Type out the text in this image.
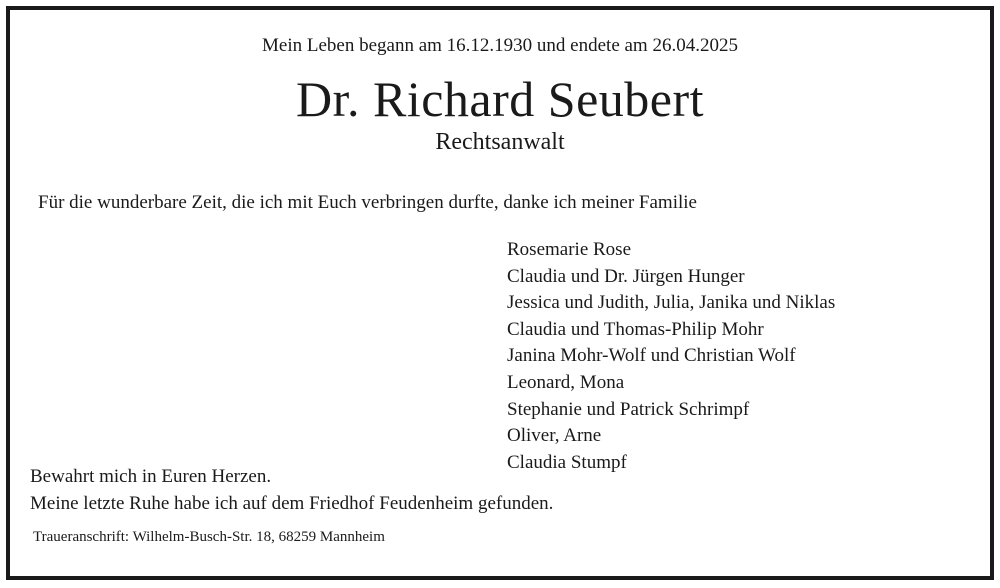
Mein Leben begann am 16.12.1930 und endete am 26.04.2025
Dr. Richard Seubert
Rechtsanwalt
Für die wunderbare Zeit, die ich mit Euch verbringen durfte, danke ich meiner Familie
Rosemarie Rose
Claudia und Dr. Jürgen Hunger
Jessica und Judith, Julia, Janika und Niklas
Claudia und Thomas-Philip Mohr
Janina Mohr-Wolf und Christian Wolf
Leonard, Mona
Stephanie und Patrick Schrimpf
Oliver, Arne
Claudia Stumpf
Bewahrt mich in Euren Herzen.
Meine letzte Ruhe habe ich auf dem Friedhof Feudenheim gefunden.
Traueranschrift: Wilhelm-Busch-Str. 18, 68259 Mannheim
